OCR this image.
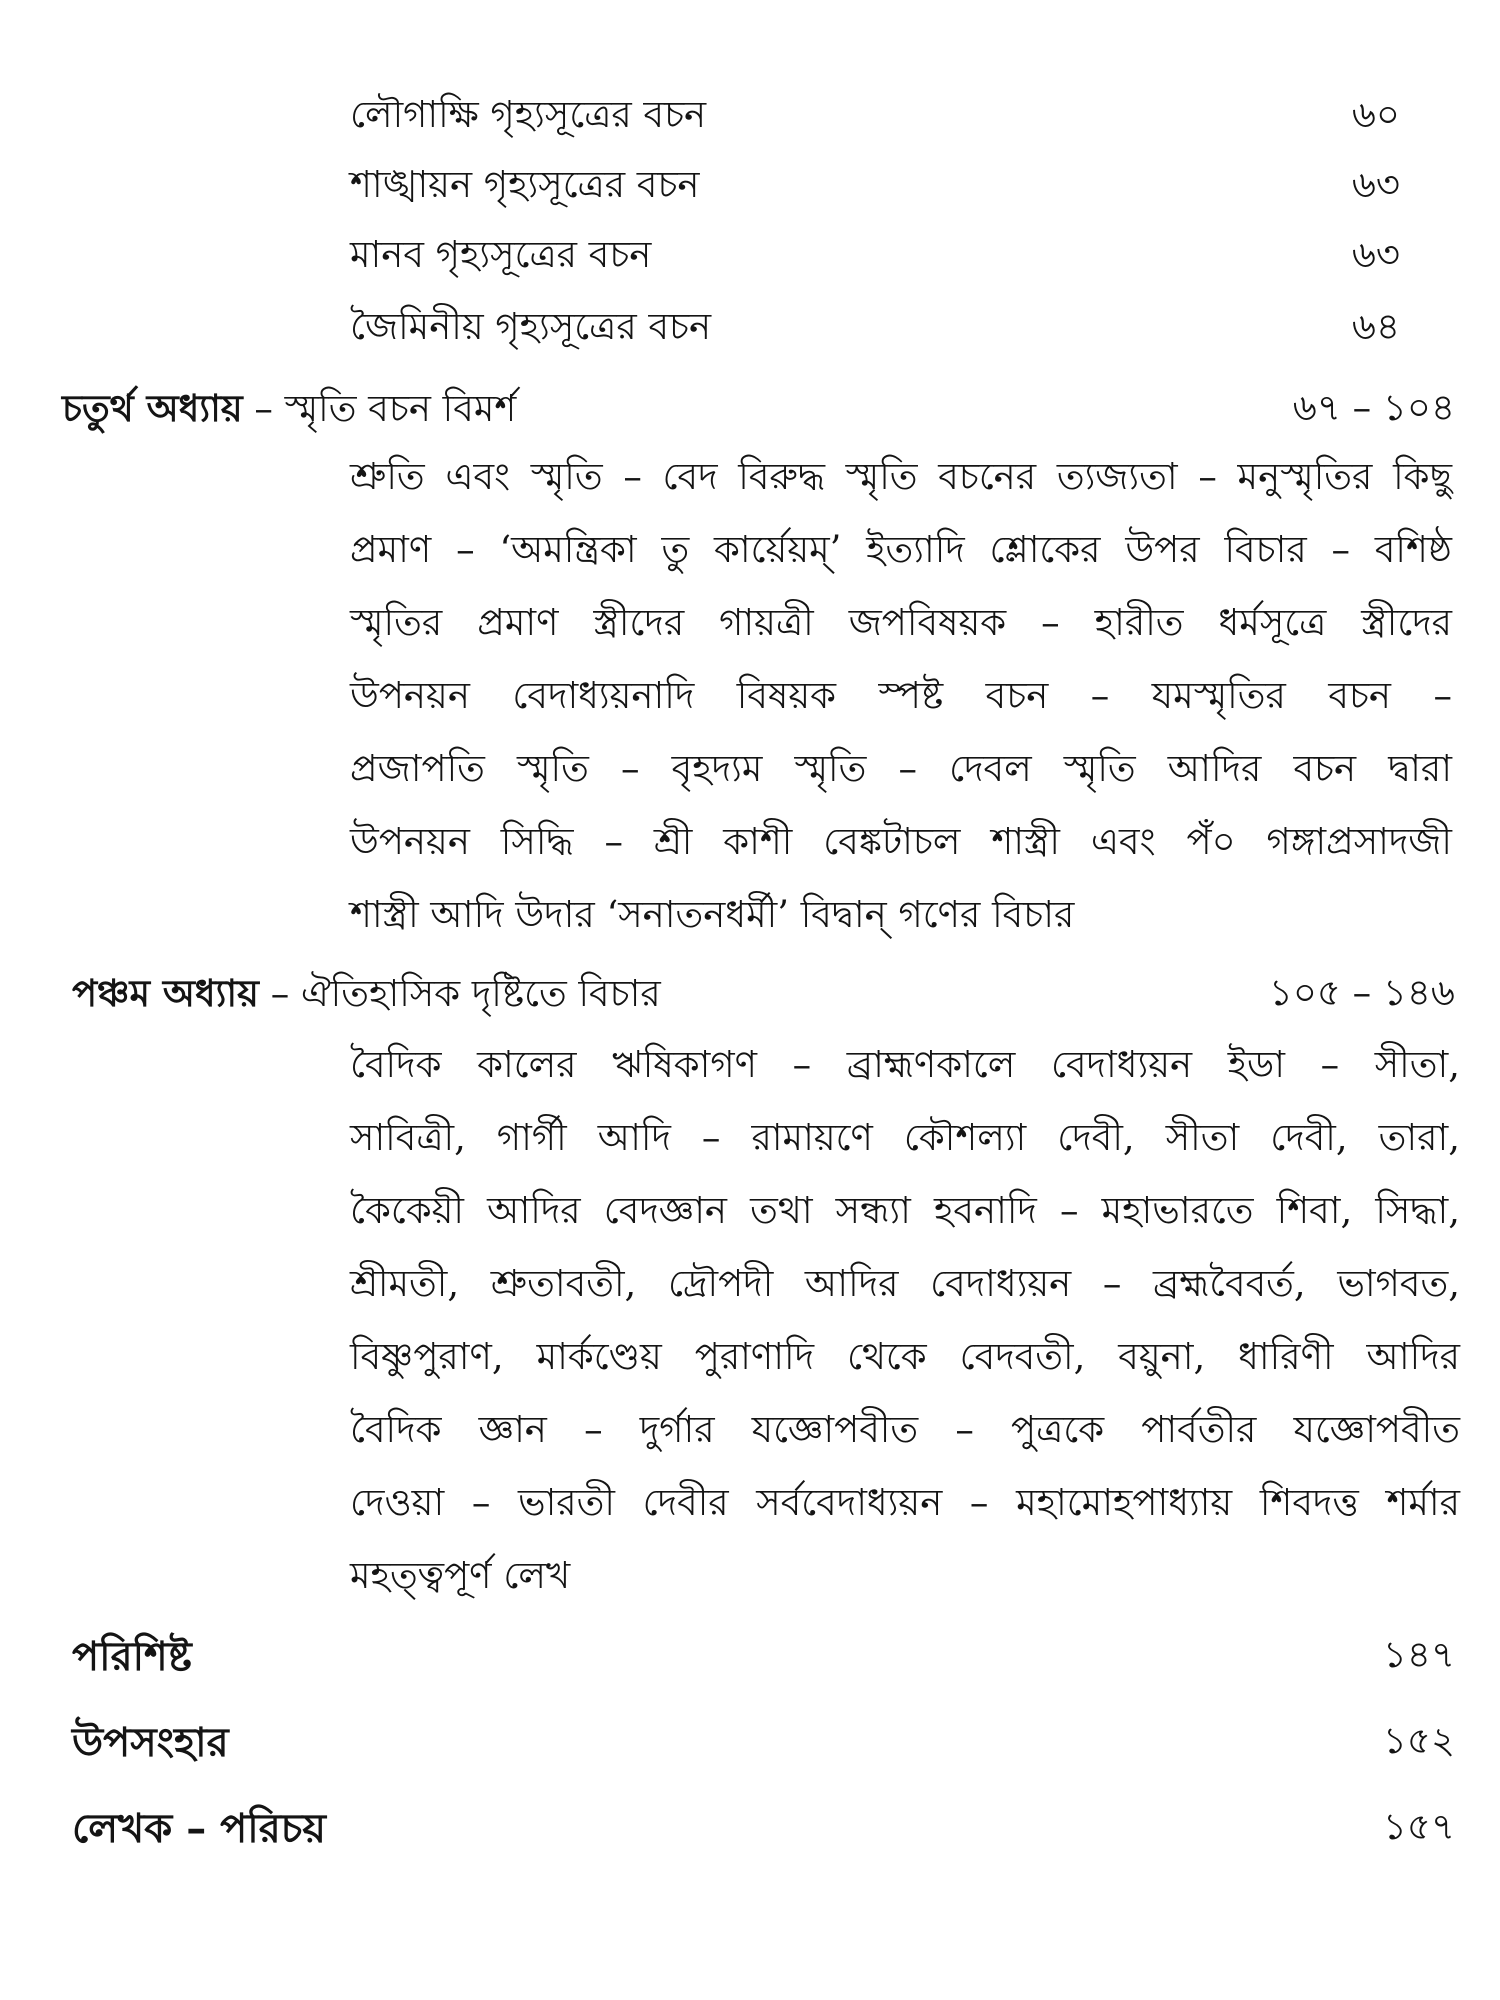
লৌগাক্ষি গৃহ্যসূত্রের বচন	৬০
শাঙ্খায়ন গৃহ্যসূত্রের বচন	৬৩
মানব গৃহ্যসূত্রের বচন	৬৩
জৈমিনীয় গৃহ্যসূত্রের বচন	৬৪
চতুর্থ অধ্যায় – স্মৃতি বচন বিমর্শ	৬৭ – ১০৪
শ্রুতি এবং স্মৃতি – বেদ বিরুদ্ধ স্মৃতি বচনের ত্যজ্যতা – মনুস্মৃতির কিছু
প্রমাণ – ‘অমন্ত্রিকা তু কার্য়েয়ম্’ ইত্যাদি শ্লোকের উপর বিচার – বশিষ্ঠ
স্মৃতির প্রমাণ স্ত্রীদের গায়ত্রী জপবিষয়ক – হারীত ধর্মসূত্রে স্ত্রীদের
উপনয়ন বেদাধ্যয়নাদি বিষয়ক স্পষ্ট বচন – যমস্মৃতির বচন –
প্রজাপতি স্মৃতি – বৃহদ্যম স্মৃতি – দেবল স্মৃতি আদির বচন দ্বারা
উপনয়ন সিদ্ধি – শ্রী কাশী বেঙ্কটাচল শাস্ত্রী এবং পঁ০ গঙ্গাপ্রসাদজী
শাস্ত্রী আদি উদার ‘সনাতনধর্মী’ বিদ্বান্ গণের বিচার
পঞ্চম অধ্যায় – ঐতিহাসিক দৃষ্টিতে বিচার	১০৫ – ১৪৬
বৈদিক কালের ঋষিকাগণ – ব্রাহ্মণকালে বেদাধ্যয়ন ইডা – সীতা,
সাবিত্রী, গার্গী আদি – রামায়ণে কৌশল্যা দেবী, সীতা দেবী, তারা,
কৈকেয়ী আদির বেদজ্ঞান তথা সন্ধ্যা হবনাদি – মহাভারতে শিবা, সিদ্ধা,
শ্রীমতী, শ্রুতাবতী, দ্রৌপদী আদির বেদাধ্যয়ন – ব্রহ্মবৈবর্ত, ভাগবত,
বিষ্ণুপুরাণ, মার্কণ্ডেয় পুরাণাদি থেকে বেদবতী, বয়ুনা, ধারিণী আদির
বৈদিক জ্ঞান – দুর্গার যজ্ঞোপবীত – পুত্রকে পার্বতীর যজ্ঞোপবীত
দেওয়া – ভারতী দেবীর সর্ববেদাধ্যয়ন – মহামোহপাধ্যায় শিবদত্ত শর্মার
মহত্ত্বপূর্ণ লেখ
পরিশিষ্ট	১৪৭
উপসংহার	১৫২
লেখক – পরিচয়	১৫৭
